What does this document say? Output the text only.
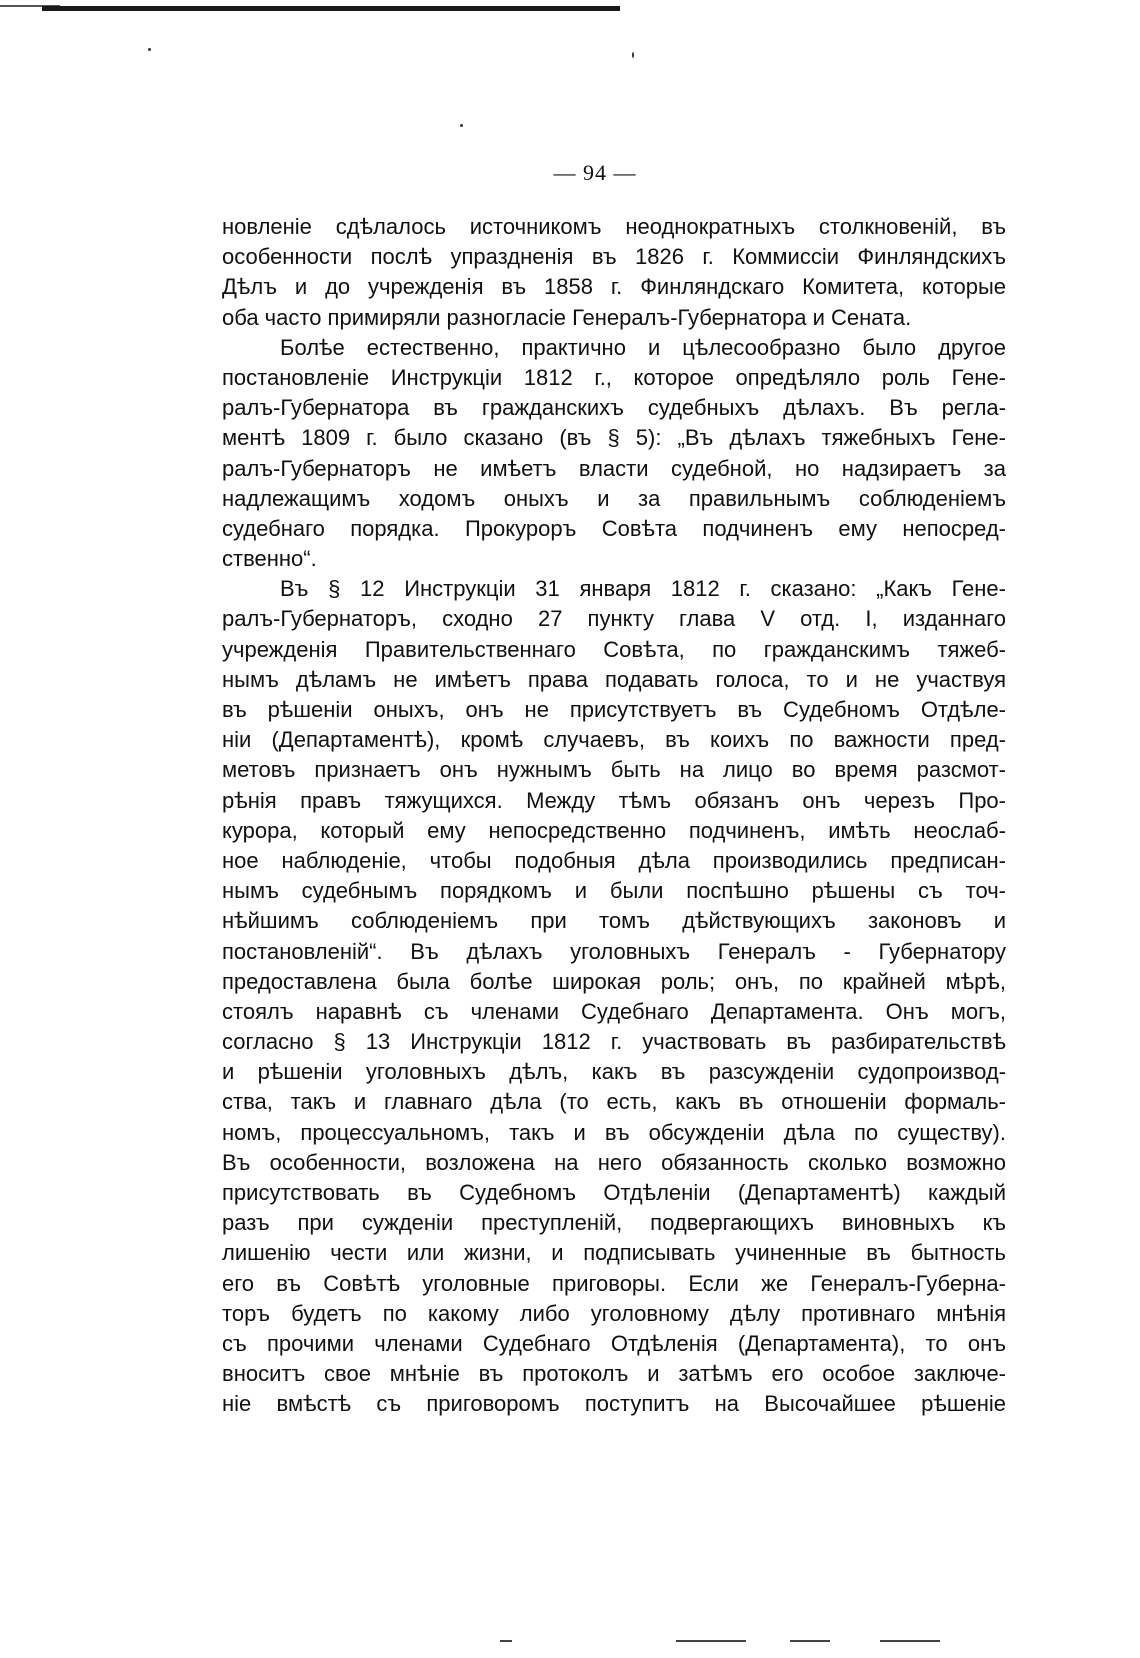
— 94 —
новленіе сдѣлалось источникомъ неоднократныхъ столкновеній, въ
особенности послѣ упраздненія въ 1826 г. Коммиссіи Финляндскихъ
Дѣлъ и до учрежденія въ 1858 г. Финляндскаго Комитета, которые
оба часто примиряли разногласіе Генералъ-Губернатора и Сената.
Болѣе естественно, практично и цѣлесообразно было другое
постановленіе Инструкціи 1812 г., которое опредѣляло роль Гене-
ралъ-Губернатора въ гражданскихъ судебныхъ дѣлахъ. Въ регла-
ментѣ 1809 г. было сказано (въ § 5): „Въ дѣлахъ тяжебныхъ Гене-
ралъ-Губернаторъ не имѣетъ власти судебной, но надзираетъ за
надлежащимъ ходомъ оныхъ и за правильнымъ соблюденіемъ
судебнаго порядка. Прокуроръ Совѣта подчиненъ ему непосред-
ственно“.
Въ § 12 Инструкціи 31 января 1812 г. сказано: „Какъ Гене-
ралъ-Губернаторъ, сходно 27 пункту глава V отд. I, изданнаго
учрежденія Правительственнаго Совѣта, по гражданскимъ тяжеб-
нымъ дѣламъ не имѣетъ права подавать голоса, то и не участвуя
въ рѣшеніи оныхъ, онъ не присутствуетъ въ Судебномъ Отдѣле-
ніи (Департаментѣ), кромѣ случаевъ, въ коихъ по важности пред-
метовъ признаетъ онъ нужнымъ быть на лицо во время разсмот-
рѣнія правъ тяжущихся. Между тѣмъ обязанъ онъ черезъ Про-
курора, который ему непосредственно подчиненъ, имѣть неослаб-
ное наблюденіе, чтобы подобныя дѣла производились предписан-
нымъ судебнымъ порядкомъ и были поспѣшно рѣшены съ точ-
нѣйшимъ соблюденіемъ при томъ дѣйствующихъ законовъ и
постановленій“. Въ дѣлахъ уголовныхъ Генералъ - Губернатору
предоставлена была болѣе широкая роль; онъ, по крайней мѣрѣ,
стоялъ наравнѣ съ членами Судебнаго Департамента. Онъ могъ,
согласно § 13 Инструкціи 1812 г. участвовать въ разбирательствѣ
и рѣшеніи уголовныхъ дѣлъ, какъ въ разсужденіи судопроизвод-
ства, такъ и главнаго дѣла (то есть, какъ въ отношеніи формаль-
номъ, процессуальномъ, такъ и въ обсужденіи дѣла по существу).
Въ особенности, возложена на него обязанность сколько возможно
присутствовать въ Судебномъ Отдѣленіи (Департаментѣ) каждый
разъ при сужденіи преступленій, подвергающихъ виновныхъ къ
лишенію чести или жизни, и подписывать учиненные въ бытность
его въ Совѣтѣ уголовные приговоры. Если же Генералъ-Губерна-
торъ будетъ по какому либо уголовному дѣлу противнаго мнѣнія
съ прочими членами Судебнаго Отдѣленія (Департамента), то онъ
вноситъ свое мнѣніе въ протоколъ и затѣмъ его особое заключе-
ніе вмѣстѣ съ приговоромъ поступитъ на Высочайшее рѣшеніе
